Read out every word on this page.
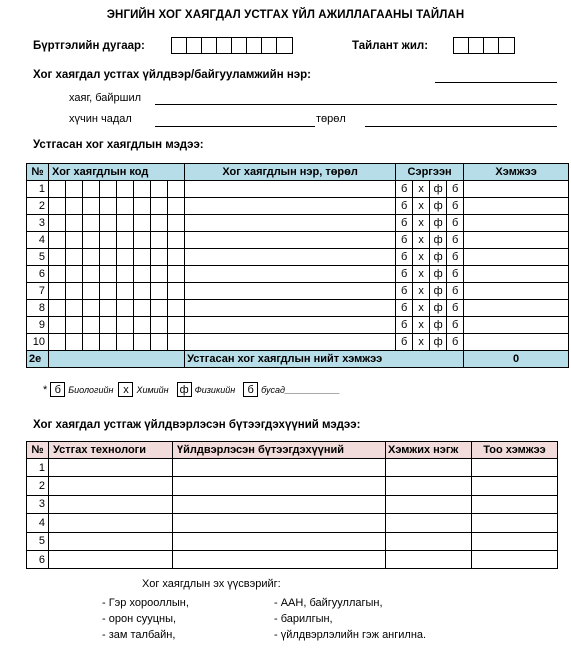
ЭНГИЙН ХОГ ХАЯГДАЛ УСТГАХ ҮЙЛ АЖИЛЛАГААНЫ ТАЙЛАН
Бүртгэлийн дугаар:	Тайлант жил:
Хог хаягдал устгах үйлдвэр/байгууламжийн нэр:
хаяг, байршил
хүчин чадал	төрөл
Устгасан хог хаягдлын мэдээ:
№	Хог хаягдлын код								Хог хаягдлын нэр, төрөл	Сэргээн				Хэмжээ
1										б	х	ф	б	
2										б	х	ф	б	
3										б	х	ф	б	
4										б	х	ф	б	
5										б	х	ф	б	
6										б	х	ф	б	
7										б	х	ф	б	
8										б	х	ф	б	
9										б	х	ф	б	
10										б	х	ф	б	
2e									Устгасан хог хаягдлын нийт хэмжээ					0
* б Биологийн х Химийн ф Физикийн	б бусад___________
Хог хаягдал устгаж үйлдвэрлэсэн бүтээгдэхүүний мэдээ:
№	Устгах технологи	Үйлдвэрлэсэн бүтээгдэхүүний	Хэмжих нэгж	Тоо хэмжээ
1				
2				
3				
4				
5				
6				
Хог хаягдлын эх үүсвэрийг:
- Гэр хорооллын,
- орон сууцны,
- зам талбайн,
- ААН, байгууллагын,
- барилгын,
- үйлдвэрлэлийн гэж ангилна.
